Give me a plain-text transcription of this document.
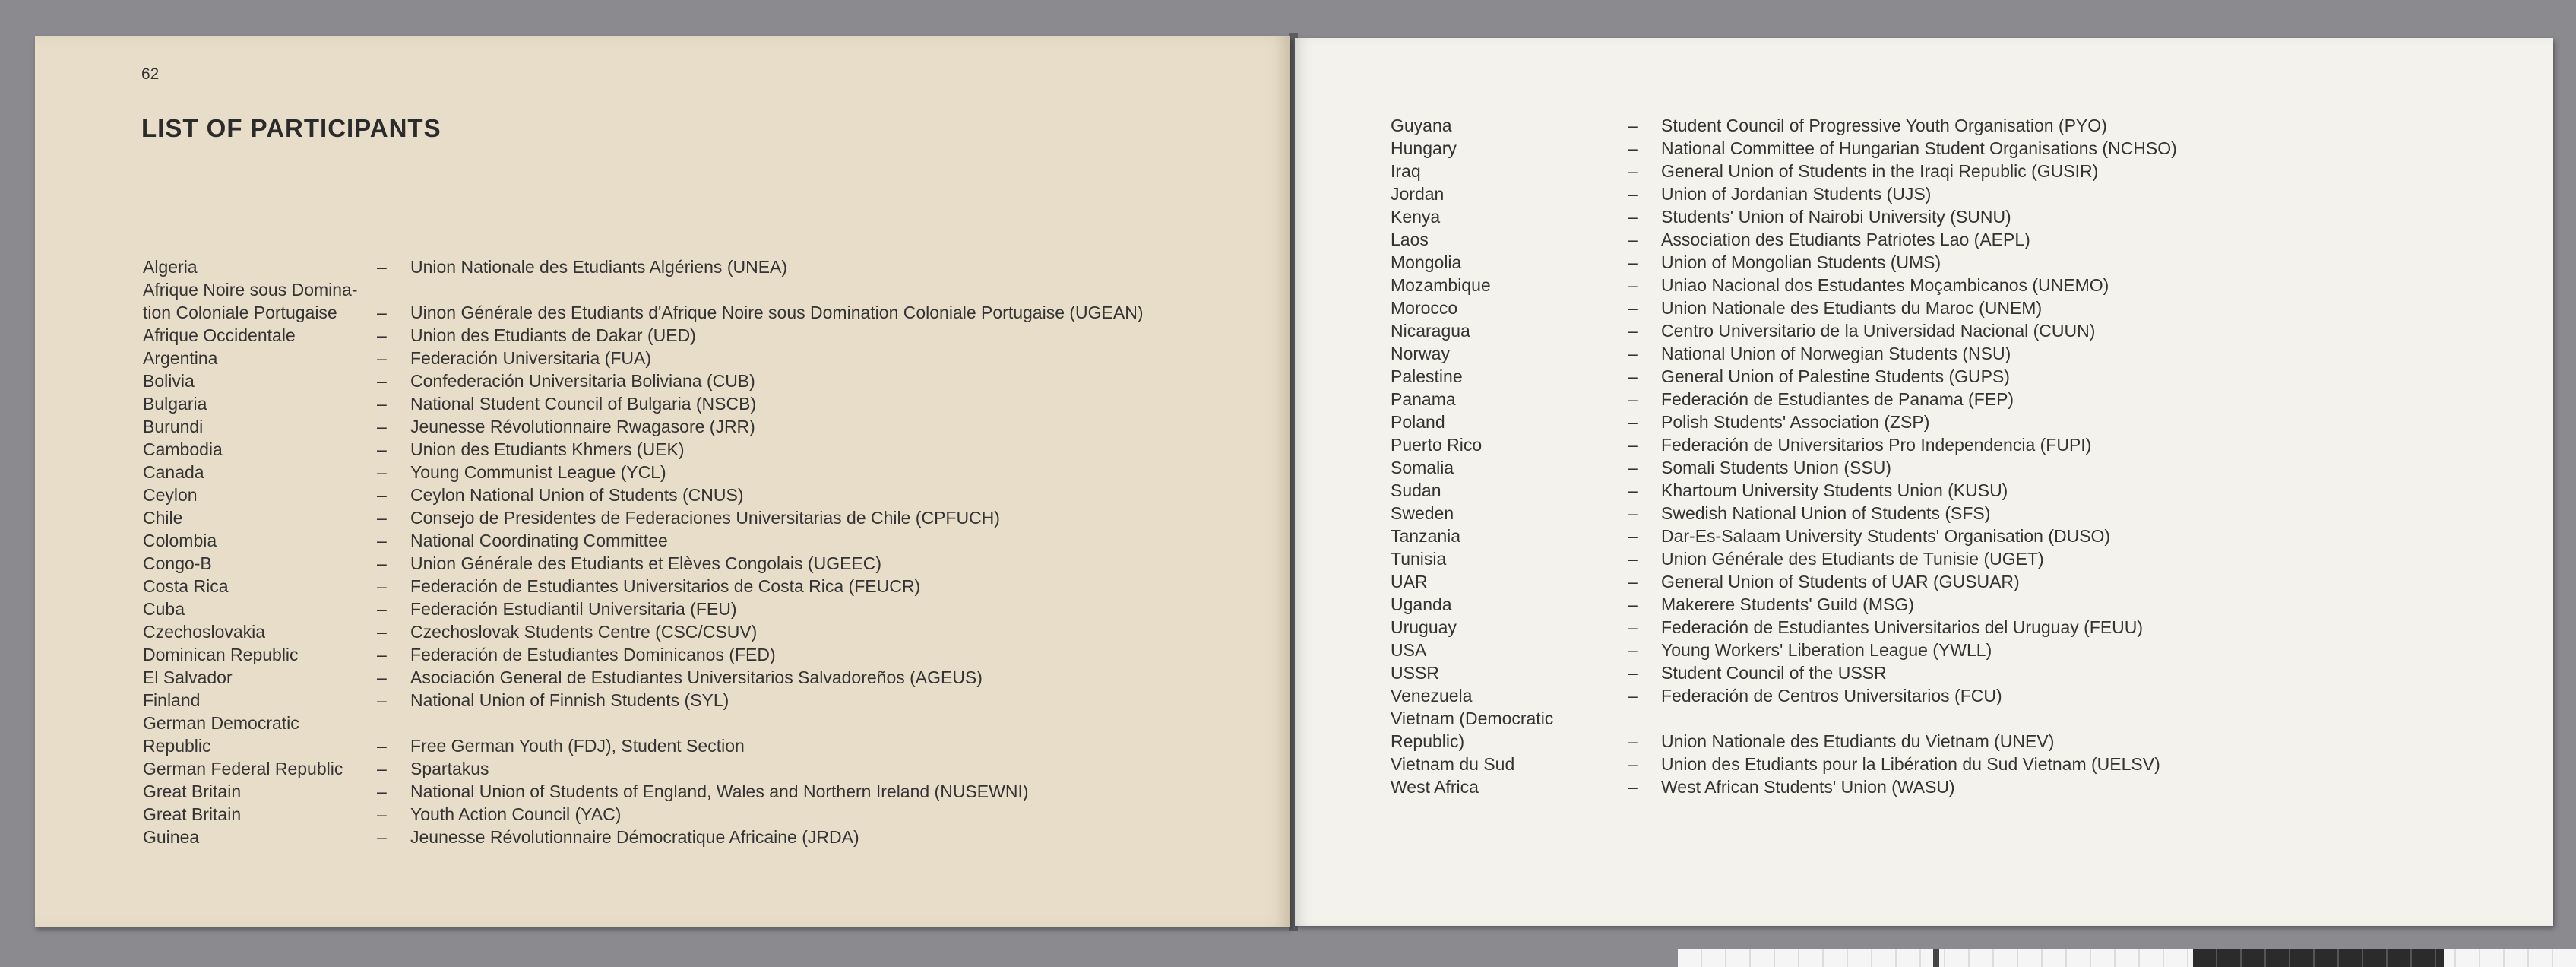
62
LIST OF PARTICIPANTS
Algeria	–	Union Nationale des Etudiants Algériens (UNEA)
Afrique Noire sous Domina-
tion Coloniale Portugaise	–	Uinon Générale des Etudiants d'Afrique Noire sous Domination Coloniale Portugaise (UGEAN)
Afrique Occidentale	–	Union des Etudiants de Dakar (UED)
Argentina	–	Federación Universitaria (FUA)
Bolivia	–	Confederación Universitaria Boliviana (CUB)
Bulgaria	–	National Student Council of Bulgaria (NSCB)
Burundi	–	Jeunesse Révolutionnaire Rwagasore (JRR)
Cambodia	–	Union des Etudiants Khmers (UEK)
Canada	–	Young Communist League (YCL)
Ceylon	–	Ceylon National Union of Students (CNUS)
Chile	–	Consejo de Presidentes de Federaciones Universitarias de Chile (CPFUCH)
Colombia	–	National Coordinating Committee
Congo-B	–	Union Générale des Etudiants et Elèves Congolais (UGEEC)
Costa Rica	–	Federación de Estudiantes Universitarios de Costa Rica (FEUCR)
Cuba	–	Federación Estudiantil Universitaria (FEU)
Czechoslovakia	–	Czechoslovak Students Centre (CSC/CSUV)
Dominican Republic	–	Federación de Estudiantes Dominicanos (FED)
El Salvador	–	Asociación General de Estudiantes Universitarios Salvadoreños (AGEUS)
Finland	–	National Union of Finnish Students (SYL)
German Democratic
Republic	–	Free German Youth (FDJ), Student Section
German Federal Republic	–	Spartakus
Great Britain	–	National Union of Students of England, Wales and Northern Ireland (NUSEWNI)
Great Britain	–	Youth Action Council (YAC)
Guinea	–	Jeunesse Révolutionnaire Démocratique Africaine (JRDA)
Guyana	–	Student Council of Progressive Youth Organisation (PYO)
Hungary	–	National Committee of Hungarian Student Organisations (NCHSO)
Iraq	–	General Union of Students in the Iraqi Republic (GUSIR)
Jordan	–	Union of Jordanian Students (UJS)
Kenya	–	Students' Union of Nairobi University (SUNU)
Laos	–	Association des Etudiants Patriotes Lao (AEPL)
Mongolia	–	Union of Mongolian Students (UMS)
Mozambique	–	Uniao Nacional dos Estudantes Moçambicanos (UNEMO)
Morocco	–	Union Nationale des Etudiants du Maroc (UNEM)
Nicaragua	–	Centro Universitario de la Universidad Nacional (CUUN)
Norway	–	National Union of Norwegian Students (NSU)
Palestine	–	General Union of Palestine Students (GUPS)
Panama	–	Federación de Estudiantes de Panama (FEP)
Poland	–	Polish Students' Association (ZSP)
Puerto Rico	–	Federación de Universitarios Pro Independencia (FUPI)
Somalia	–	Somali Students Union (SSU)
Sudan	–	Khartoum University Students Union (KUSU)
Sweden	–	Swedish National Union of Students (SFS)
Tanzania	–	Dar-Es-Salaam University Students' Organisation (DUSO)
Tunisia	–	Union Générale des Etudiants de Tunisie (UGET)
UAR	–	General Union of Students of UAR (GUSUAR)
Uganda	–	Makerere Students' Guild (MSG)
Uruguay	–	Federación de Estudiantes Universitarios del Uruguay (FEUU)
USA	–	Young Workers' Liberation League (YWLL)
USSR	–	Student Council of the USSR
Venezuela	–	Federación de Centros Universitarios (FCU)
Vietnam (Democratic
Republic)	–	Union Nationale des Etudiants du Vietnam (UNEV)
Vietnam du Sud	–	Union des Etudiants pour la Libération du Sud Vietnam (UELSV)
West Africa	–	West African Students' Union (WASU)
